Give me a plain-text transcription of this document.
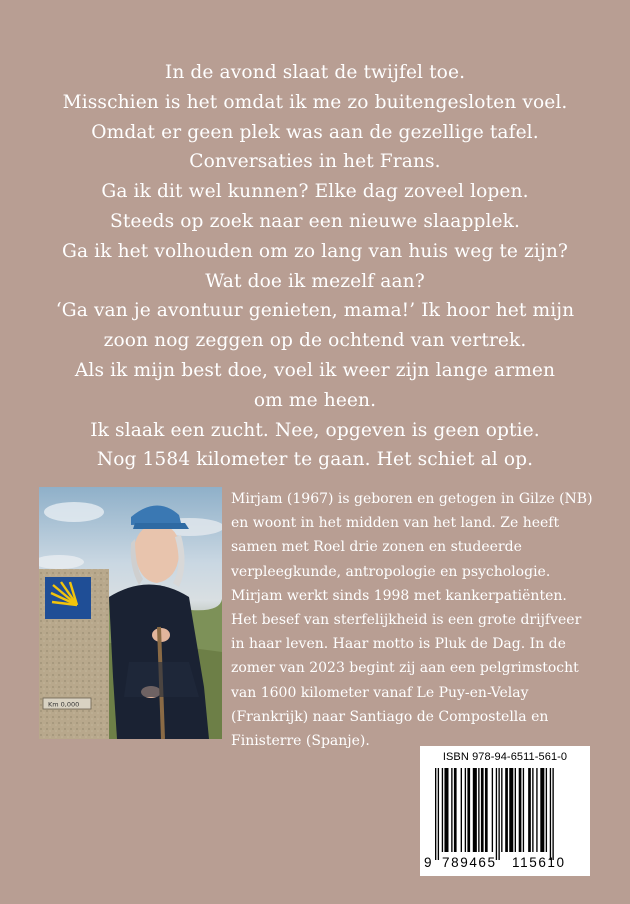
In de avond slaat de twijfel toe.
Misschien is het omdat ik me zo buitengesloten voel.
Omdat er geen plek was aan de gezellige tafel.
Conversaties in het Frans.
Ga ik dit wel kunnen? Elke dag zoveel lopen.
Steeds op zoek naar een nieuwe slaapplek.
Ga ik het volhouden om zo lang van huis weg te zijn?
Wat doe ik mezelf aan?
‘Ga van je avontuur genieten, mama!’ Ik hoor het mijn
zoon nog zeggen op de ochtend van vertrek.
Als ik mijn best doe, voel ik weer zijn lange armen
om me heen.
Ik slaak een zucht. Nee, opgeven is geen optie.
Nog 1584 kilometer te gaan. Het schiet al op.
Km 0,000
Mirjam (1967) is geboren en getogen in Gilze (NB)
en woont in het midden van het land. Ze heeft
samen met Roel drie zonen en studeerde
verpleegkunde, antropologie en psychologie.
Mirjam werkt sinds 1998 met kankerpatiënten.
Het besef van sterfelijkheid is een grote drijfveer
in haar leven. Haar motto is Pluk de Dag. In de
zomer van 2023 begint zij aan een pelgrimstocht
van 1600 kilometer vanaf Le Puy-en-Velay
(Frankrijk) naar Santiago de Compostella en
Finisterre (Spanje).
ISBN 978-94-6511-561-0
9 789465 115610
